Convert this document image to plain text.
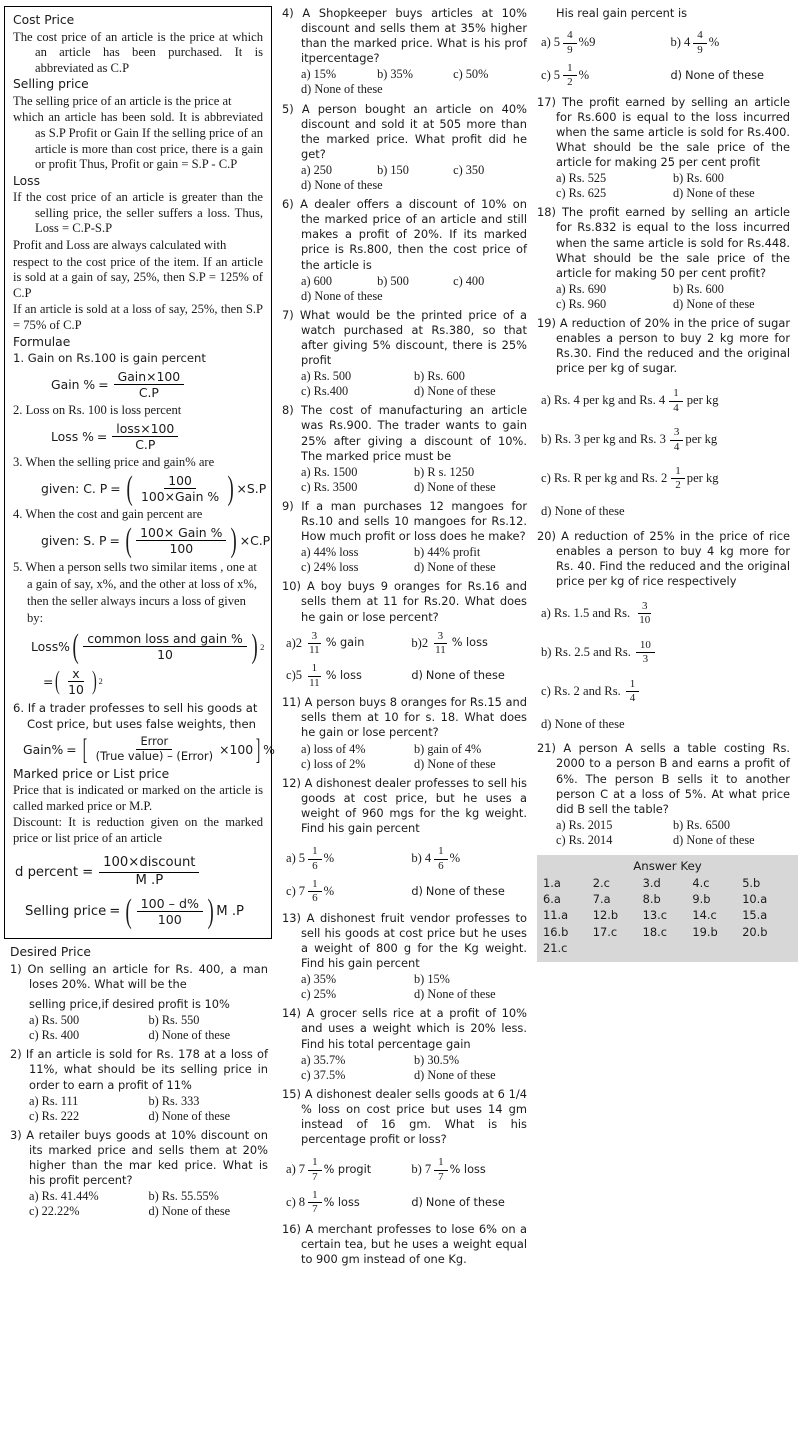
Cost Price
The cost price of an article is the price at which an article has been purchased. It is abbreviated as C.P
Selling price
The selling price of an article is the price at
which an article has been sold. It is abbreviated as S.P Profit or Gain If the selling price of an article is more than cost price, there is a gain or profit Thus, Profit or gain = S.P - C.P
Loss
If the cost price of an article is greater than the selling price, the seller suffers a loss. Thus, Loss = C.P-S.P
Profit and Loss are always calculated with
respect to the cost price of the item. If an article is sold at a gain of say, 25%, then S.P = 125% of C.P
If an article is sold at a loss of say, 25%, then S.P = 75% of C.P
Formulae
1. Gain on Rs.100 is gain percent
Gain % = $\frac{\text{Gain×100}}{C.P}$
2. Loss on Rs. 100 is loss percent
Loss % = $\frac{\text{loss×100}}{C.P}$
3. When the selling price and gain% are
given: C. P = ( $\frac{100}{\text{100×Gain \%}}$ ) ×S.P
4. When the cost and gain percent are
given: S. P = ( $\frac{\text{100× Gain \%}}{100}$ ) ×C.P
5. When a person sells two similar items , one at a gain of say, x%, and the other at loss of x%, then the seller always incurs a loss of given by:
Loss% ( $\frac{\text{common loss and gain \%}}{10}$ ) 2
= ( $\frac{x}{10}$ ) 2
6. If a trader professes to sell his goods at Cost price, but uses false weights, then
Gain% = [ $\frac{\text{Error}}{\text{(True value) – (Error)}} \times 100$ ] %
Marked price or List price
Price that is indicated or marked on the article is called marked price or M.P.
Discount: It is reduction given on the marked price or list price of an article
d percent = $\frac{\text{100×discount}}{M .P}$
Selling price = ( $\frac{100 - d\%}{100}$ ) M .P
Desired Price
1) On selling an article for Rs. 400, a man loses 20%. What will be the
selling price,if desired profit is 10%
a) Rs. 500	b) Rs. 550
c) Rs. 400	d) None of these
2) If an article is sold for Rs. 178 at a loss of 11%, what should be its selling price in order to earn a profit of 11%
a) Rs. 111	b) Rs. 333
c) Rs. 222	d) None of these
3) A retailer buys goods at 10% discount on its marked price and sells them at 20% higher than the mar ked price. What is his profit percent?
a) Rs. 41.44%	b) Rs. 55.55%
c) 22.22%	d) None of these
4) A Shopkeeper buys articles at 10% discount and sells them at 35% higher than the marked price. What is his prof itpercentage?
a) 15%	b) 35%	c) 50%
d) None of these
5) A person bought an article on 40% discount and sold it at 505 more than the marked price. What profit did he get?
a) 250	b) 150	c) 350
d) None of these
6) A dealer offers a discount of 10% on the marked price of an article and still makes a profit of 20%. If its marked price is Rs.800, then the cost price of the article is
a) 600	b) 500	c) 400
d) None of these
7) What would be the printed price of a watch purchased at Rs.380, so that after giving 5% discount, there is 25% profit
a) Rs. 500	b) Rs. 600
c) Rs.400	d) None of these
8) The cost of manufacturing an article was Rs.900. The trader wants to gain 25% after giving a discount of 10%. The marked price must be
a) Rs. 1500	b) R s. 1250
c) Rs. 3500	d) None of these
9) If a man purchases 12 mangoes for Rs.10 and sells 10 mangoes for Rs.12. How much profit or loss does he make?
a) 44% loss	b) 44% profit
c) 24% loss	d) None of these
10) A boy buys 9 oranges for Rs.16 and sells them at 11 for Rs.20. What does he gain or lose percent?
a) $2 \frac{3}{11}$ % gain	b) $2 \frac{3}{11}$ % loss
c) $5 \frac{1}{11}$ % loss	d) None of these
11) A person buys 8 oranges for Rs.15 and sells them at 10 for s. 18. What does he gain or lose percent?
a) loss of 4%	b) gain of 4%
c) loss of 2%	d) None of these
12) A dishonest dealer professes to sell his goods at cost price, but he uses a weight of 960 mgs for the kg weight. Find his gain percent
a) $5 \frac{1}{6}$ %	b) $4 \frac{1}{6}$ %
c) $7 \frac{1}{6}$ %	d) None of these
13) A dishonest fruit vendor professes to sell his goods at cost price but he uses a weight of 800 g for the Kg weight. Find his gain percent
a) 35%	b) 15%
c) 25%	d) None of these
14) A grocer sells rice at a profit of 10% and uses a weight which is 20% less. Find his total percentage gain
a) 35.7%	b) 30.5%
c) 37.5%	d) None of these
15) A dishonest dealer sells goods at 6 1/4 % loss on cost price but uses 14 gm instead of 16 gm. What is his percentage profit or loss?
a) $7 \frac{1}{7}$ % progit	b) $7 \frac{1}{7}$ % loss
c) $8 \frac{1}{7}$ % loss	d) None of these
16) A merchant professes to lose 6% on a certain tea, but he uses a weight equal to 900 gm instead of one Kg.
His real gain percent is
a) $5 \frac{4}{9} \%9$	b) $4 \frac{4}{9}$ %
c) $5 \frac{1}{2}$ %	d) None of these
17) The profit earned by selling an article for Rs.600 is equal to the loss incurred when the same article is sold for Rs.400. What should be the sale price of the article for making 25 per cent profit
a) Rs. 525	b) Rs. 600
c) Rs. 625	d) None of these
18) The profit earned by selling an article for Rs.832 is equal to the loss incurred when the same article is sold for Rs.448. What should be the sale price of the article for making 50 per cent profit?
a) Rs. 690	b) Rs. 600
c) Rs. 960	d) None of these
19) A reduction of 20% in the price of sugar enables a person to buy 2 kg more for Rs.30. Find the reduced and the original price per kg of sugar.
a) Rs. 4 per kg and Rs. $4 \frac{1}{4}$ per kg
b) Rs. 3 per kg and Rs. $3 \frac{3}{4}$ per kg
c) Rs. R per kg and Rs. $2 \frac{1}{2}$ per kg
d) None of these
20) A reduction of 25% in the price of rice enables a person to buy 4 kg more for Rs. 40. Find the reduced and the original price per kg of rice respectively
a) Rs. 1.5 and Rs. $\frac{3}{10}$
b) Rs. 2.5 and Rs. $\frac{10}{3}$
c) Rs. 2 and Rs. $\frac{1}{4}$
d) None of these
21) A person A sells a table costing Rs. 2000 to a person B and earns a profit of 6%. The person B sells it to another person C at a loss of 5%. At what price did B sell the table?
a) Rs. 2015	b) Rs. 6500
c) Rs. 2014	d) None of these
Answer Key
1.a	2.c	3.d	4.c	5.b
6.a	7.a	8.b	9.b	10.a
11.a	12.b	13.c	14.c	15.a
16.b	17.c	18.c	19.b	20.b
21.c
